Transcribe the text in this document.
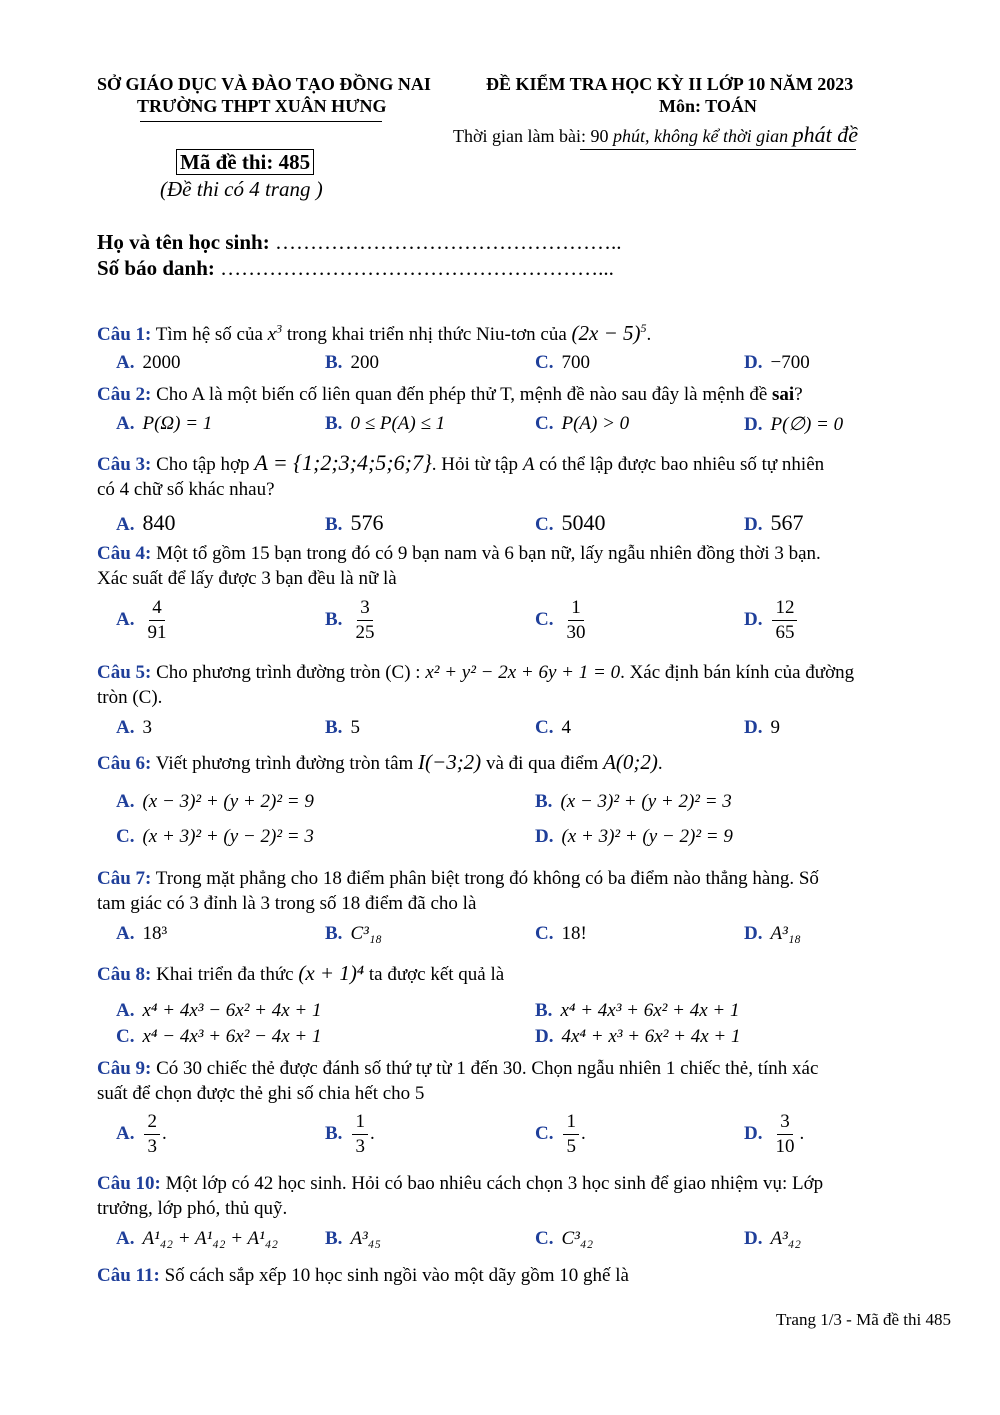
SỞ GIÁO DỤC VÀ ĐÀO TẠO ĐỒNG NAI
TRƯỜNG THPT XUÂN HƯNG
ĐỀ KIỂM TRA HỌC KỲ II LỚP 10 NĂM 2023
Môn: TOÁN
Thời gian làm bài: 90 phút, không kể thời gian phát đề
Mã đề thi: 485
(Đề thi có 4 trang )
Họ và tên học sinh: …………………………………………..
Số báo danh: ………………………………………………...
Câu 1: Tìm hệ số của $x^3$ trong khai triển nhị thức Niu-tơn của $(2x - 5)^5$.
A. 2000	B. 200	C. 700	D. −700
Câu 2: Cho A là một biến cố liên quan đến phép thử T, mệnh đề nào sau đây là mệnh đề sai?
A. P(Ω) = 1	B. 0 ≤ P(A) ≤ 1	C. P(A) > 0	D. P(∅) = 0
Câu 3: Cho tập hợp A = {1;2;3;4;5;6;7}. Hỏi từ tập A có thể lập được bao nhiêu số tự nhiên
có 4 chữ số khác nhau?
A. 840	B. 576	C. 5040	D. 567
Câu 4: Một tổ gồm 15 bạn trong đó có 9 bạn nam và 6 bạn nữ, lấy ngẫu nhiên đồng thời 3 bạn.
Xác suất để lấy được 3 bạn đều là nữ là
A. $\frac{4}{91}$	B. $\frac{3}{25}$	C. $\frac{1}{30}$	D. $\frac{12}{65}$
Câu 5: Cho phương trình đường tròn (C) : x² + y² − 2x + 6y + 1 = 0. Xác định bán kính của đường
tròn (C).
A. 3	B. 5	C. 4	D. 9
Câu 6: Viết phương trình đường tròn tâm I(−3;2) và đi qua điểm A(0;2).
A. (x − 3)² + (y + 2)² = 9	B. (x − 3)² + (y + 2)² = 3
C. (x + 3)² + (y − 2)² = 3	D. (x + 3)² + (y − 2)² = 9
Câu 7: Trong mặt phẳng cho 18 điểm phân biệt trong đó không có ba điểm nào thẳng hàng. Số
tam giác có 3 đỉnh là 3 trong số 18 điểm đã cho là
A. 18³	B. C³₁₈	C. 18!	D. A³₁₈
Câu 8: Khai triển đa thức (x + 1)⁴ ta được kết quả là
A. x⁴ + 4x³ − 6x² + 4x + 1	B. x⁴ + 4x³ + 6x² + 4x + 1
C. x⁴ − 4x³ + 6x² − 4x + 1	D. 4x⁴ + x³ + 6x² + 4x + 1
Câu 9: Có 30 chiếc thẻ được đánh số thứ tự từ 1 đến 30. Chọn ngẫu nhiên 1 chiếc thẻ, tính xác
suất để chọn được thẻ ghi số chia hết cho 5
A. $\frac{2}{3}$ .	B. $\frac{1}{3}$ .	C. $\frac{1}{5}$ .	D. $\frac{3}{10}$ .
Câu 10: Một lớp có 42 học sinh. Hỏi có bao nhiêu cách chọn 3 học sinh để giao nhiệm vụ: Lớp
trưởng, lớp phó, thủ quỹ.
A. A¹₄₂ + A¹₄₂ + A¹₄₂ B. A³₄₅	C. C³₄₂	D. A³₄₂
Câu 11: Số cách sắp xếp 10 học sinh ngồi vào một dãy gồm 10 ghế là
Trang 1/3 - Mã đề thi 485
